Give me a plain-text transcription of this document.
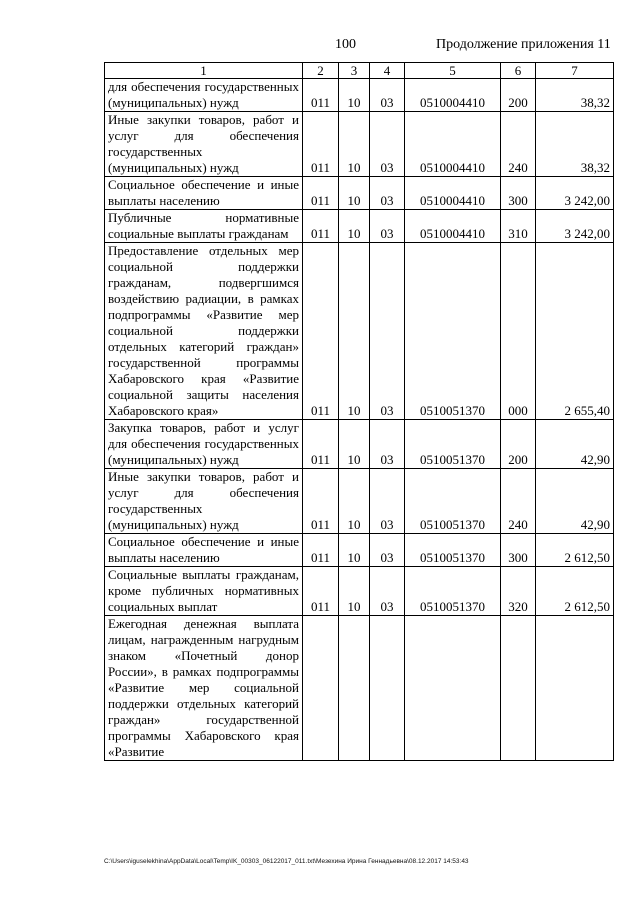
100	Продолжение приложения 11
1	2	3	4	5	6	7
для обеспечения государственных (муниципальных) нужд	011	10	03	0510004410	200	38,32
Иные закупки товаров, работ и услуг для обеспечения государственных (муниципальных) нужд	011	10	03	0510004410	240	38,32
Социальное обеспечение и иные выплаты населению	011	10	03	0510004410	300	3 242,00
Публичные нормативные социальные выплаты гражданам	011	10	03	0510004410	310	3 242,00
Предоставление отдельных мер социальной поддержки гражданам, подвергшимся воздействию радиации, в рамках подпрограммы «Развитие мер социальной поддержки отдельных категорий граждан» государственной программы Хабаровского края «Развитие социальной защиты населения Хабаровского края»	011	10	03	0510051370	000	2 655,40
Закупка товаров, работ и услуг для обеспечения государственных (муниципальных) нужд	011	10	03	0510051370	200	42,90
Иные закупки товаров, работ и услуг для обеспечения государственных (муниципальных) нужд	011	10	03	0510051370	240	42,90
Социальное обеспечение и иные выплаты населению	011	10	03	0510051370	300	2 612,50
Социальные выплаты гражданам, кроме публичных нормативных социальных выплат	011	10	03	0510051370	320	2 612,50
Ежегодная денежная выплата лицам, награжденным нагрудным знаком «Почетный донор России», в рамках подпрограммы «Развитие мер социальной поддержки отдельных категорий граждан» государственной программы Хабаровского края «Развитие						
C:\Users\iguselekhina\AppData\Local\Temp\IK_00303_06122017_011.txt\Мезехина Ирина Геннадьевна\08.12.2017 14:53:43
